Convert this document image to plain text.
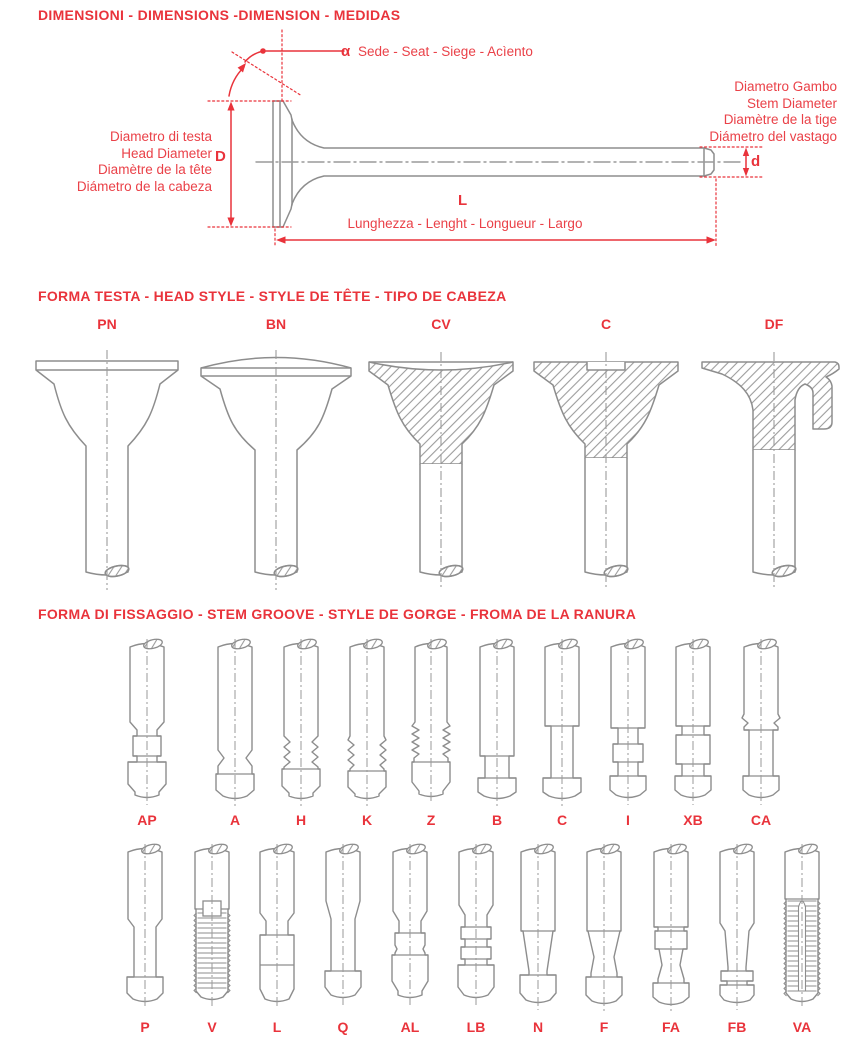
DIMENSIONI - DIMENSIONS -DIMENSION - MEDIDAS
FORMA TESTA - HEAD STYLE - STYLE DE TÊTE - TIPO DE CABEZA
FORMA DI FISSAGGIO - STEM GROOVE - STYLE DE GORGE - FROMA DE LA RANURA
α Sede - Seat - Siege - Acìento
Diametro di testa
Head Diameter
Diamètre de la tête
Diámetro de la cabeza
D
Diametro Gambo
Stem Diameter
Diamètre de la tige
Diámetro del vastago
d
L
Lunghezza - Lenght - Longueur - Largo
PN	BN	CV	C	DF
AP	A	H	K	Z	B	C	I	XB	CA
P	V	L	Q	AL	LB	N	F	FA	FB	VA
